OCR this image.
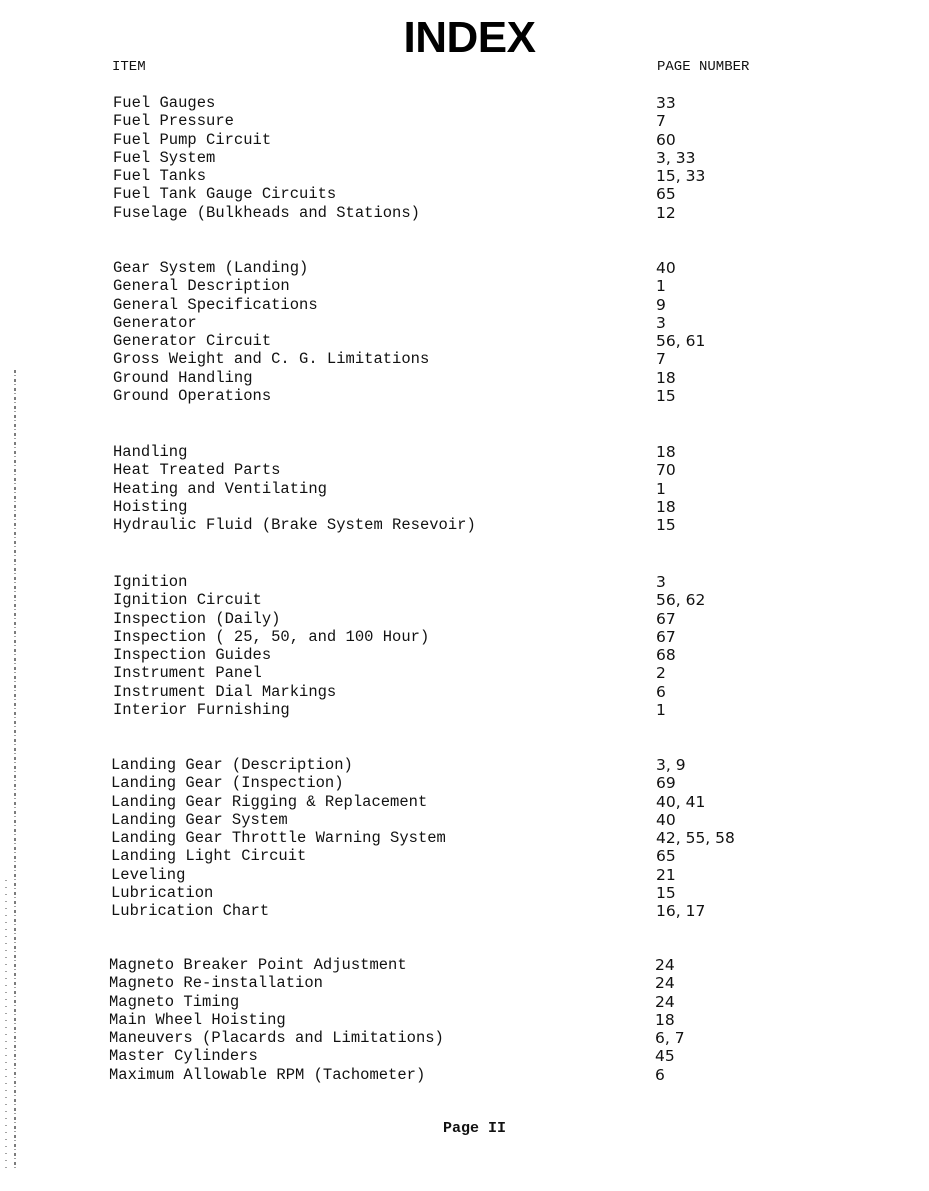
INDEX
ITEM	PAGE NUMBER
Fuel Gauges	33
Fuel Pressure	7
Fuel Pump Circuit	60
Fuel System	3, 33
Fuel Tanks	15, 33
Fuel Tank Gauge Circuits	65
Fuselage (Bulkheads and Stations)	12
Gear System (Landing)	40
General Description	1
General Specifications	9
Generator	3
Generator Circuit	56, 61
Gross Weight and C. G. Limitations	7
Ground Handling	18
Ground Operations	15
Handling	18
Heat Treated Parts	70
Heating and Ventilating	1
Hoisting	18
Hydraulic Fluid (Brake System Resevoir)	15
Ignition	3
Ignition Circuit	56, 62
Inspection (Daily)	67
Inspection ( 25, 50, and 100 Hour)	67
Inspection Guides	68
Instrument Panel	2
Instrument Dial Markings	6
Interior Furnishing	1
Landing Gear (Description)	3, 9
Landing Gear (Inspection)	69
Landing Gear Rigging & Replacement	40, 41
Landing Gear System	40
Landing Gear Throttle Warning System	42, 55, 58
Landing Light Circuit	65
Leveling	21
Lubrication	15
Lubrication Chart	16, 17
Magneto Breaker Point Adjustment	24
Magneto Re-installation	24
Magneto Timing	24
Main Wheel Hoisting	18
Maneuvers (Placards and Limitations)	6, 7
Master Cylinders	45
Maximum Allowable RPM (Tachometer)	6
Page II
